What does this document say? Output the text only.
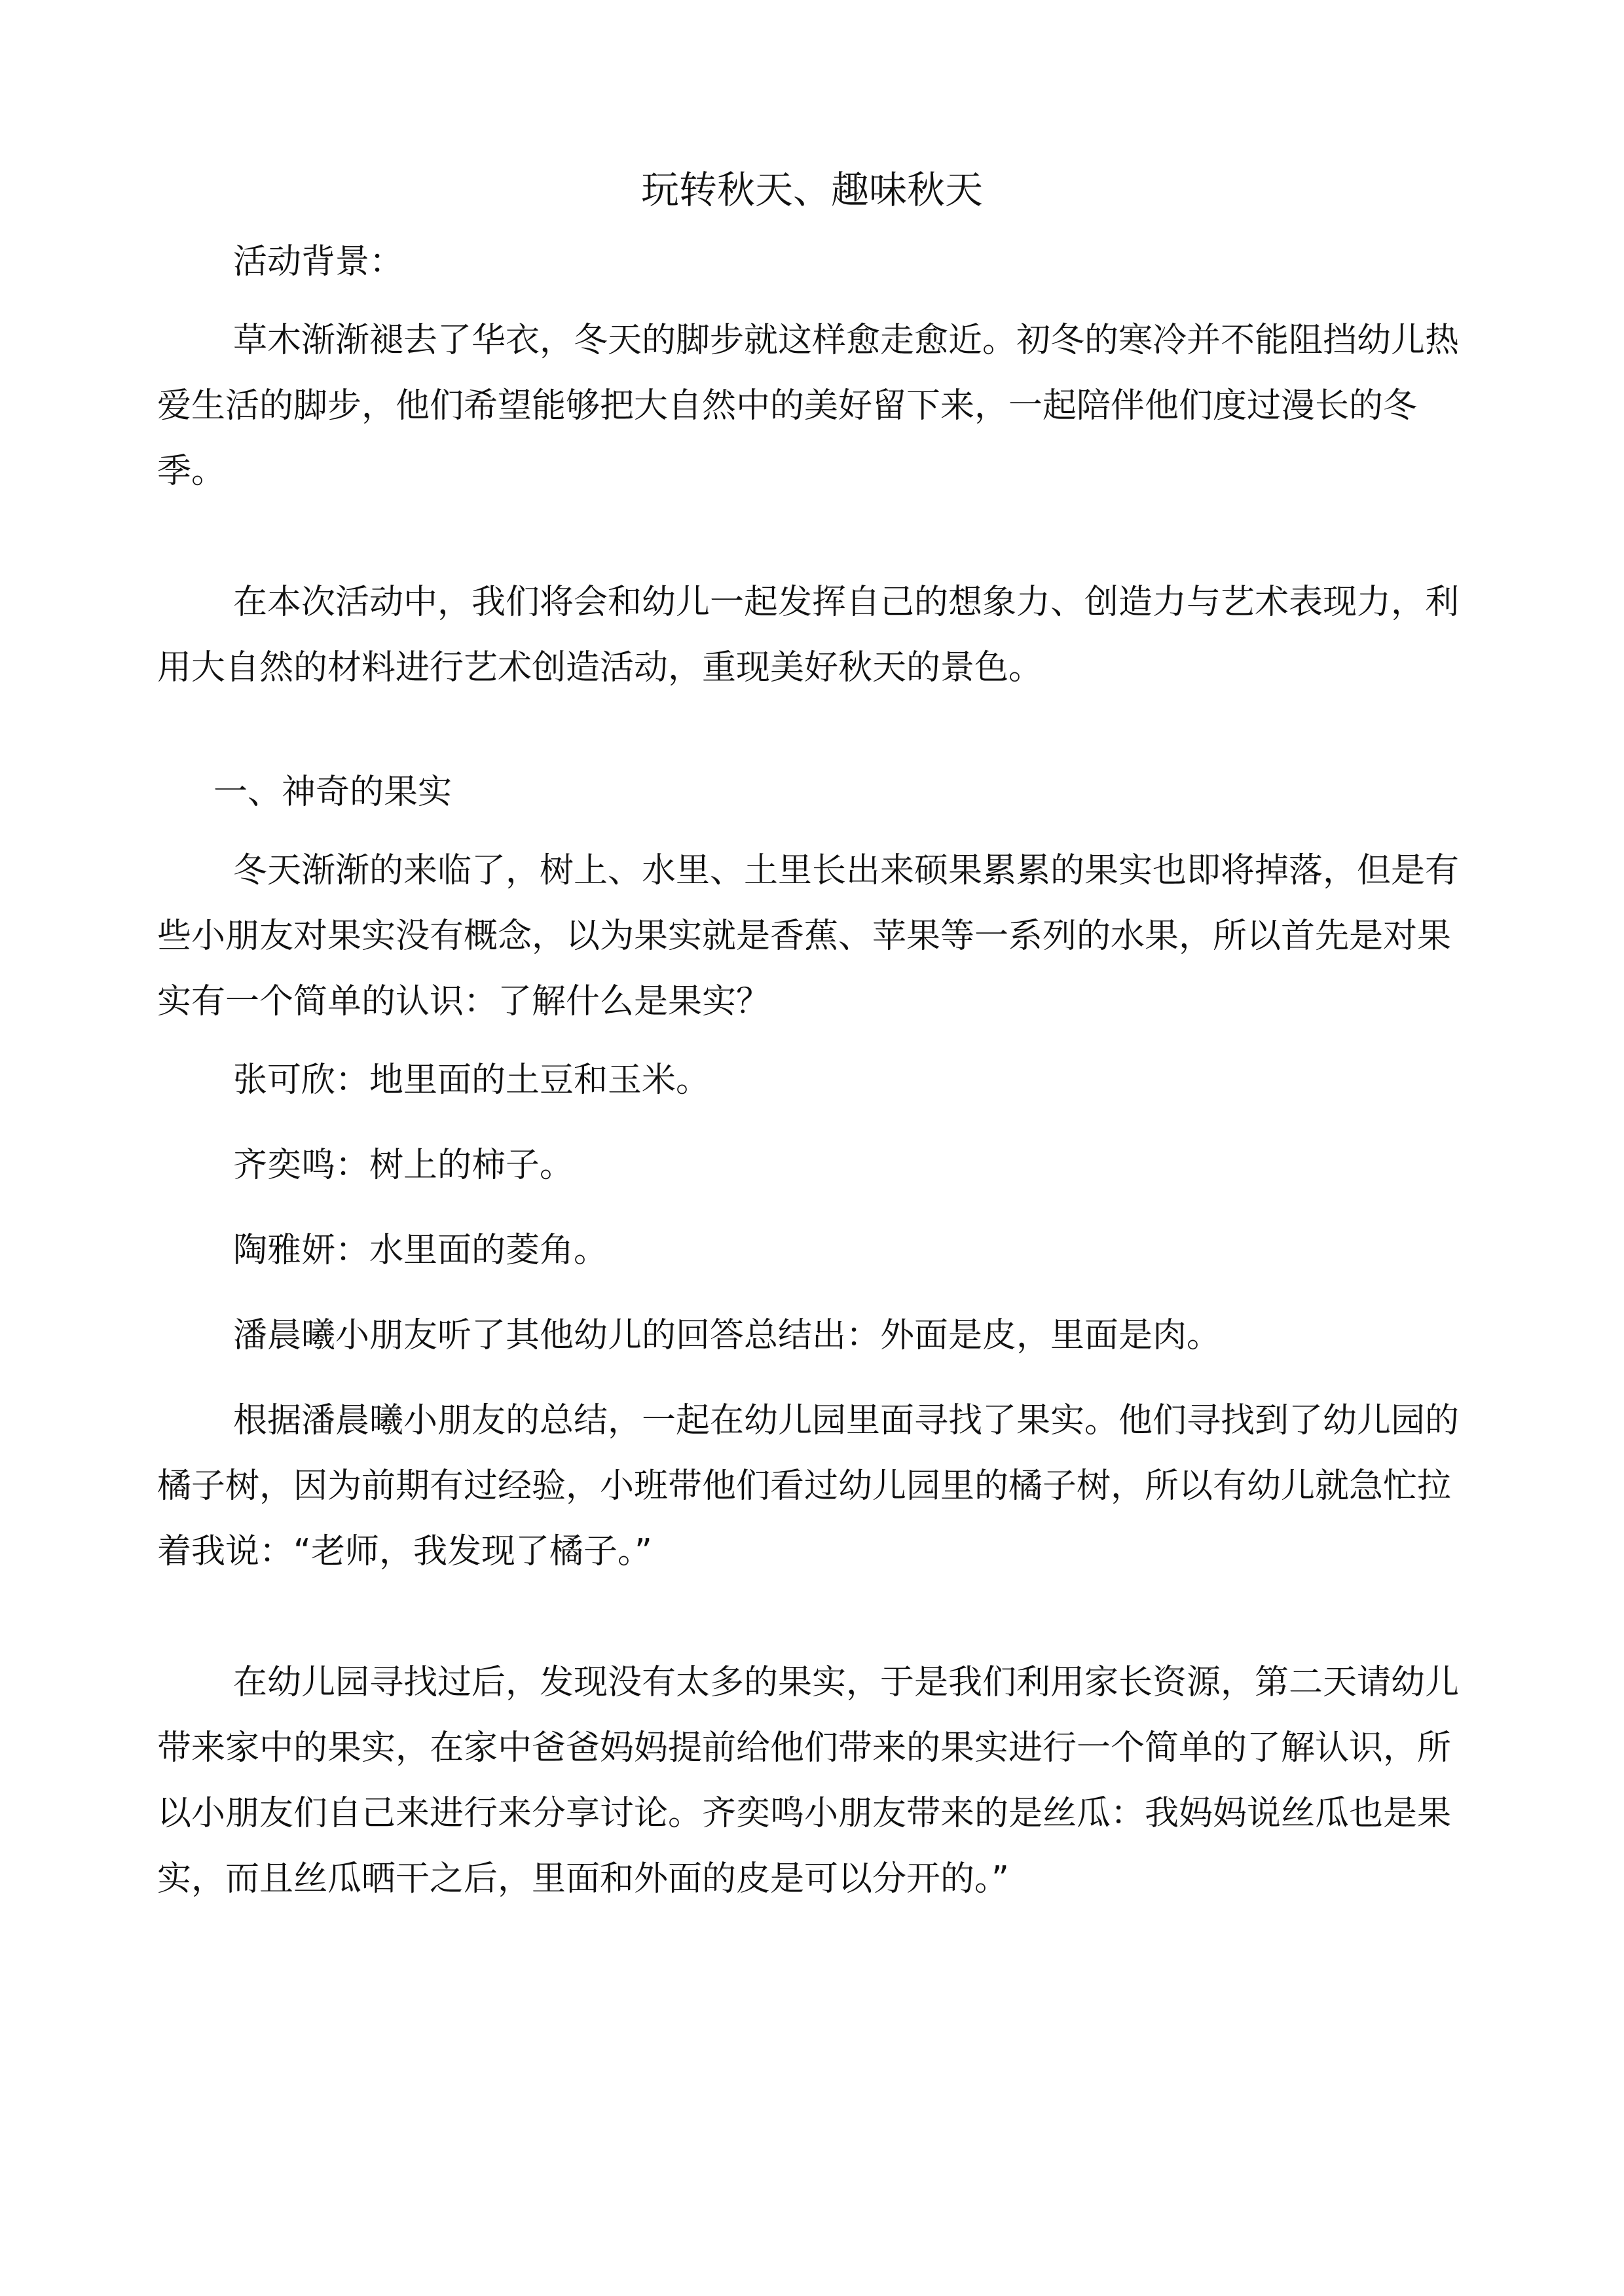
玩转秋天、趣味秋天
活动背景：
草木渐渐褪去了华衣，冬天的脚步就这样愈走愈近。初冬的寒冷并不能阻挡幼儿热爱生活的脚步，他们希望能够把大自然中的美好留下来，一起陪伴他们度过漫长的冬季。
在本次活动中，我们将会和幼儿一起发挥自己的想象力、创造力与艺术表现力，利用大自然的材料进行艺术创造活动，重现美好秋天的景色。
一、神奇的果实
冬天渐渐的来临了，树上、水里、土里长出来硕果累累的果实也即将掉落，但是有些小朋友对果实没有概念，以为果实就是香蕉、苹果等一系列的水果，所以首先是对果实有一个简单的认识：了解什么是果实？
张可欣：地里面的土豆和玉米。
齐奕鸣：树上的柿子。
陶雅妍：水里面的菱角。
潘晨曦小朋友听了其他幼儿的回答总结出：外面是皮，里面是肉。
根据潘晨曦小朋友的总结，一起在幼儿园里面寻找了果实。他们寻找到了幼儿园的橘子树，因为前期有过经验，小班带他们看过幼儿园里的橘子树，所以有幼儿就急忙拉着我说：“老师，我发现了橘子。”
在幼儿园寻找过后，发现没有太多的果实，于是我们利用家长资源，第二天请幼儿带来家中的果实，在家中爸爸妈妈提前给他们带来的果实进行一个简单的了解认识，所以小朋友们自己来进行来分享讨论。齐奕鸣小朋友带来的是丝瓜：我妈妈说丝瓜也是果实，而且丝瓜晒干之后，里面和外面的皮是可以分开的。”
